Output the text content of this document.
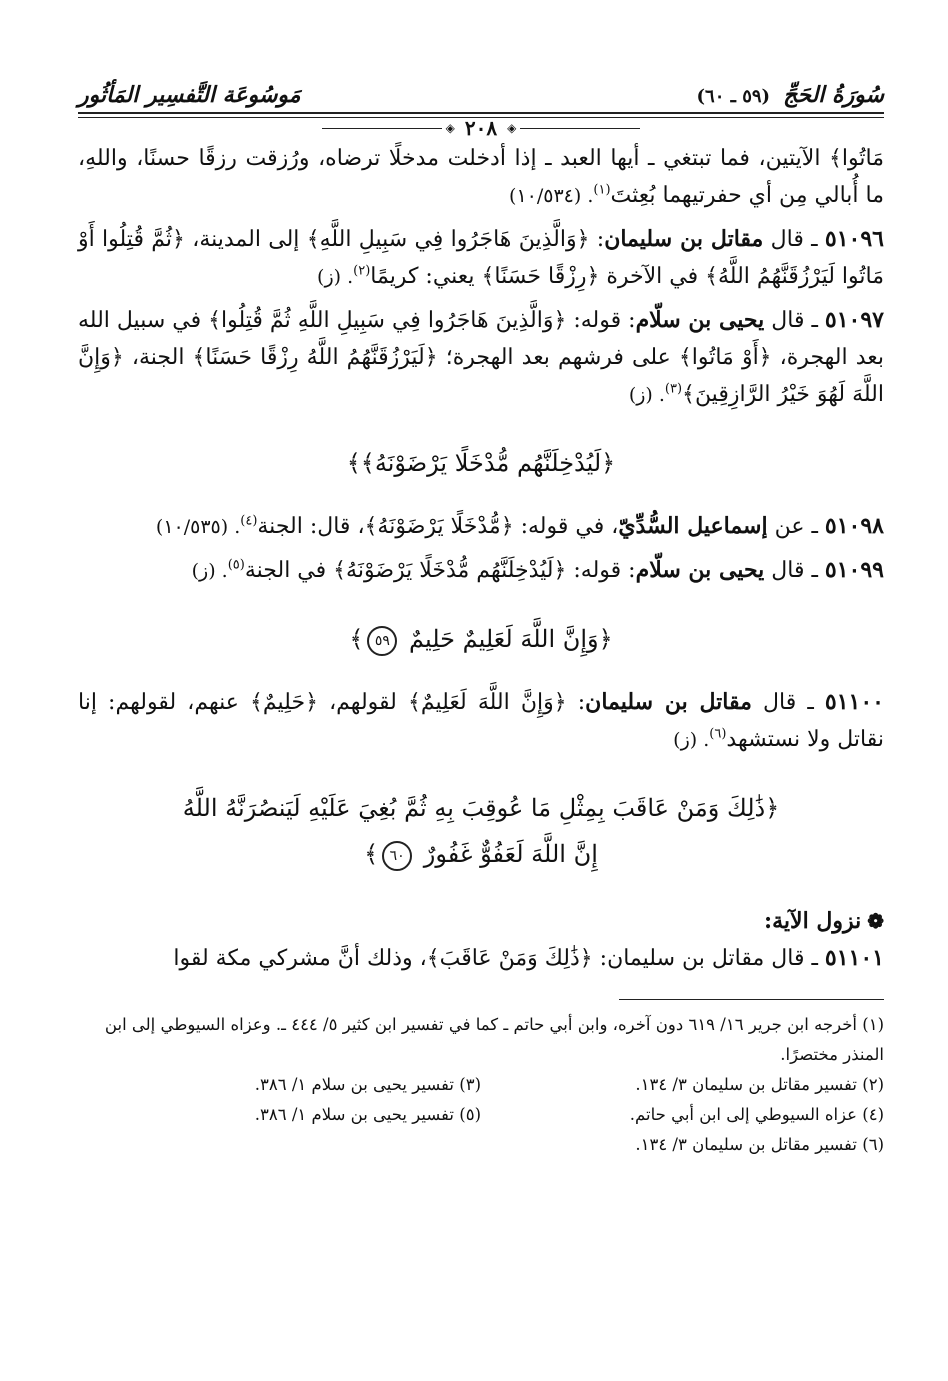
سُورَةُ الحَجِّ (٥٩ ـ ٦٠)
مَوسُوعَة التَّفسِير المَأثُور
◈
٢٠٨
◈

مَاتُوا﴾ الآيتين، فما تبتغي ـ أيها العبد ـ إذا أدخلت مدخلًا ترضاه، ورُزقت رزقًا حسنًا، واللهِ، ما أُبالي مِن أي حفرتيهما بُعِثتَ$^{(١)}$. (١٠/٥٣٤)

٥١٠٩٦ ـ قال مقاتل بن سليمان: ﴿وَالَّذِينَ هَاجَرُوا فِي سَبِيلِ اللَّهِ﴾ إلى المدينة، ﴿ثُمَّ قُتِلُوا أَوْ مَاتُوا لَيَرْزُقَنَّهُمُ اللَّهُ﴾ في الآخرة ﴿رِزْقًا حَسَنًا﴾ يعني: كريمًا$^{(٢)}$. (ز)

٥١٠٩٧ ـ قال يحيى بن سلّام: قوله: ﴿وَالَّذِينَ هَاجَرُوا فِي سَبِيلِ اللَّهِ ثُمَّ قُتِلُوا﴾ في سبيل الله بعد الهجرة، ﴿أَوْ مَاتُوا﴾ على فرشهم بعد الهجرة؛ ﴿لَيَرْزُقَنَّهُمُ اللَّهُ رِزْقًا حَسَنًا﴾ الجنة، ﴿وَإِنَّ اللَّهَ لَهُوَ خَيْرُ الرَّازِقِينَ﴾$^{(٣)}$. (ز)

﴿لَيُدْخِلَنَّهُم مُّدْخَلًا يَرْضَوْنَهُ﴾﴾

٥١٠٩٨ ـ عن إسماعيل السُّدِّيّ، في قوله: ﴿مُّدْخَلًا يَرْضَوْنَهُ﴾، قال: الجنة$^{(٤)}$. (١٠/٥٣٥)

٥١٠٩٩ ـ قال يحيى بن سلّام: قوله: ﴿لَيُدْخِلَنَّهُم مُّدْخَلًا يَرْضَوْنَهُ﴾ في الجنة$^{(٥)}$. (ز)

﴿وَإِنَّ اللَّهَ لَعَلِيمٌ حَلِيمٌ ٥٩﴾

٥١١٠٠ ـ قال مقاتل بن سليمان: ﴿وَإِنَّ اللَّهَ لَعَلِيمٌ﴾ لقولهم، ﴿حَلِيمٌ﴾ عنهم، لقولهم: إنا نقاتل ولا نستشهد$^{(٦)}$. (ز)

﴿ذَٰلِكَ وَمَنْ عَاقَبَ بِمِثْلِ مَا عُوقِبَ بِهِ ثُمَّ بُغِيَ عَلَيْهِ لَيَنصُرَنَّهُ اللَّهُ
إِنَّ اللَّهَ لَعَفُوٌّ غَفُورٌ ٦٠﴾
❁نزول الآية:

٥١١٠١ ـ قال مقاتل بن سليمان: ﴿ذَٰلِكَ وَمَنْ عَاقَبَ﴾، وذلك أنَّ مشركي مكة لقوا

(١) أخرجه ابن جرير ١٦/ ٦١٩ دون آخره، وابن أبي حاتم ـ كما في تفسير ابن كثير ٥/ ٤٤٤ ـ. وعزاه السيوطي إلى ابن المنذر مختصرًا.
(٢) تفسير مقاتل بن سليمان ٣/ ١٣٤.
(٣) تفسير يحيى بن سلام ١/ ٣٨٦.
(٤) عزاه السيوطي إلى ابن أبي حاتم.
(٥) تفسير يحيى بن سلام ١/ ٣٨٦.
(٦) تفسير مقاتل بن سليمان ٣/ ١٣٤.
